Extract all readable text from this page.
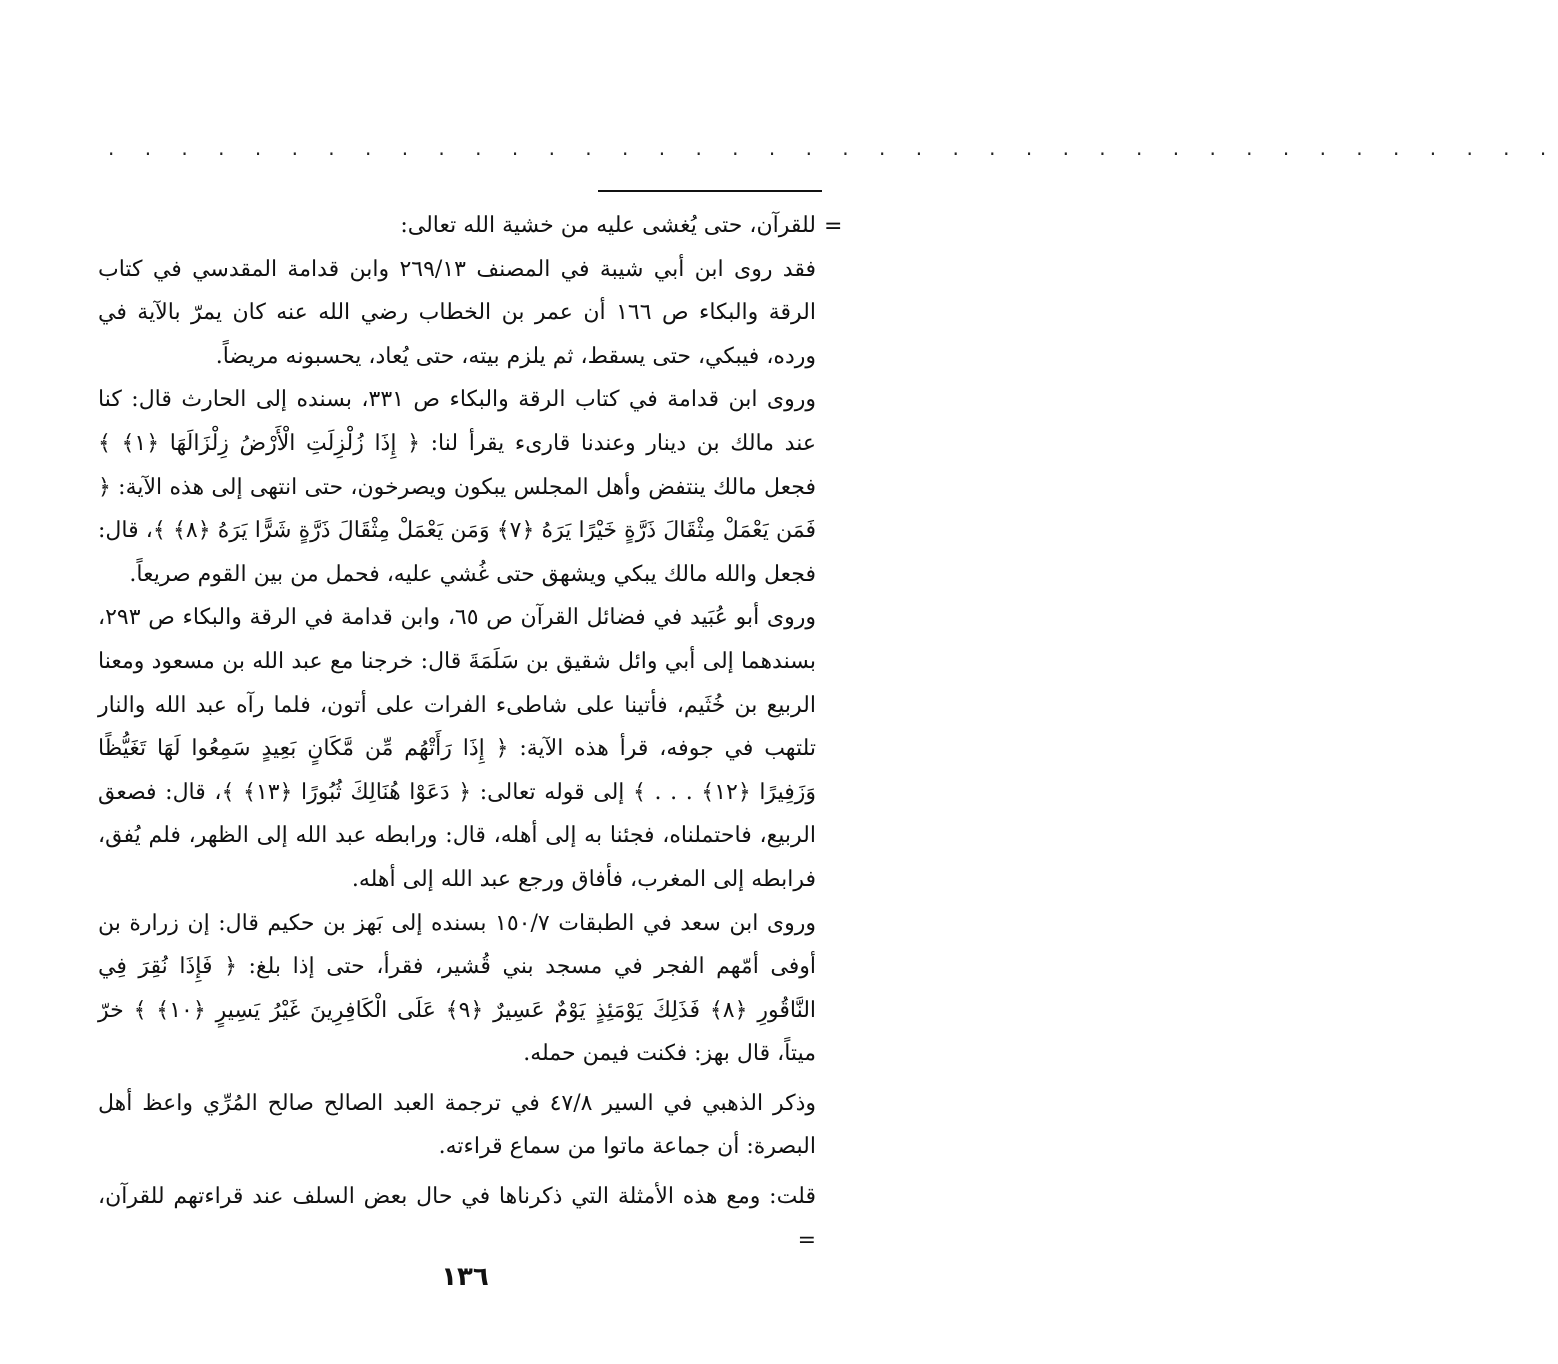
. . . . . . . . . . . . . . . . . . . . . . . . . . . . . . . . . . . . . . . .
=

للقرآن، حتى يُغشى عليه من خشية الله تعالى:

فقد روى ابن أبي شيبة في المصنف ٢٦٩/١٣ وابن قدامة المقدسي في كتاب الرقة والبكاء ص ١٦٦ أن عمر بن الخطاب رضي الله عنه كان يمرّ بالآية في ورده، فيبكي، حتى يسقط، ثم يلزم بيته، حتى يُعاد، يحسبونه مريضاً.

وروى ابن قدامة في كتاب الرقة والبكاء ص ٣٣١، بسنده إلى الحارث قال: كنا عند مالك بن دينار وعندنا قارىء يقرأ لنا: ﴿ إِذَا زُلْزِلَتِ الْأَرْضُ زِلْزَالَهَا ﴿١﴾ ﴾ فجعل مالك ينتفض وأهل المجلس يبكون ويصرخون، حتى انتهى إلى هذه الآية: ﴿ فَمَن يَعْمَلْ مِثْقَالَ ذَرَّةٍ خَيْرًا يَرَهُ ﴿٧﴾ وَمَن يَعْمَلْ مِثْقَالَ ذَرَّةٍ شَرًّا يَرَهُ ﴿٨﴾ ﴾، قال: فجعل والله مالك يبكي ويشهق حتى غُشي عليه، فحمل من بين القوم صريعاً.

وروى أبو عُبَيد في فضائل القرآن ص ٦٥، وابن قدامة في الرقة والبكاء ص ٢٩٣، بسندهما إلى أبي وائل شقيق بن سَلَمَةَ قال: خرجنا مع عبد الله بن مسعود ومعنا الربيع بن خُثَيم، فأتينا على شاطىء الفرات على أتون، فلما رآه عبد الله والنار تلتهب في جوفه، قرأ هذه الآية: ﴿ إِذَا رَأَتْهُم مِّن مَّكَانٍ بَعِيدٍ سَمِعُوا لَهَا تَغَيُّظًا وَزَفِيرًا ﴿١٢﴾ . . . ﴾ إلى قوله تعالى: ﴿ دَعَوْا هُنَالِكَ ثُبُورًا ﴿١٣﴾ ﴾، قال: فصعق الربيع، فاحتملناه، فجئنا به إلى أهله، قال: ورابطه عبد الله إلى الظهر، فلم يُفق، فرابطه إلى المغرب، فأفاق ورجع عبد الله إلى أهله.

وروى ابن سعد في الطبقات ١٥٠/٧ بسنده إلى بَهز بن حكيم قال: إن زرارة بن أوفى أمّهم الفجر في مسجد بني قُشير، فقرأ، حتى إذا بلغ: ﴿ فَإِذَا نُقِرَ فِي النَّاقُورِ ﴿٨﴾ فَذَلِكَ يَوْمَئِذٍ يَوْمٌ عَسِيرٌ ﴿٩﴾ عَلَى الْكَافِرِينَ غَيْرُ يَسِيرٍ ﴿١٠﴾ ﴾ خرّ ميتاً، قال بهز: فكنت فيمن حمله.

وذكر الذهبي في السير ٤٧/٨ في ترجمة العبد الصالح صالح المُرِّي واعظ أهل البصرة: أن جماعة ماتوا من سماع قراءته.

قلت: ومع هذه الأمثلة التي ذكرناها في حال بعض السلف عند قراءتهم للقرآن، =

١٣٦
